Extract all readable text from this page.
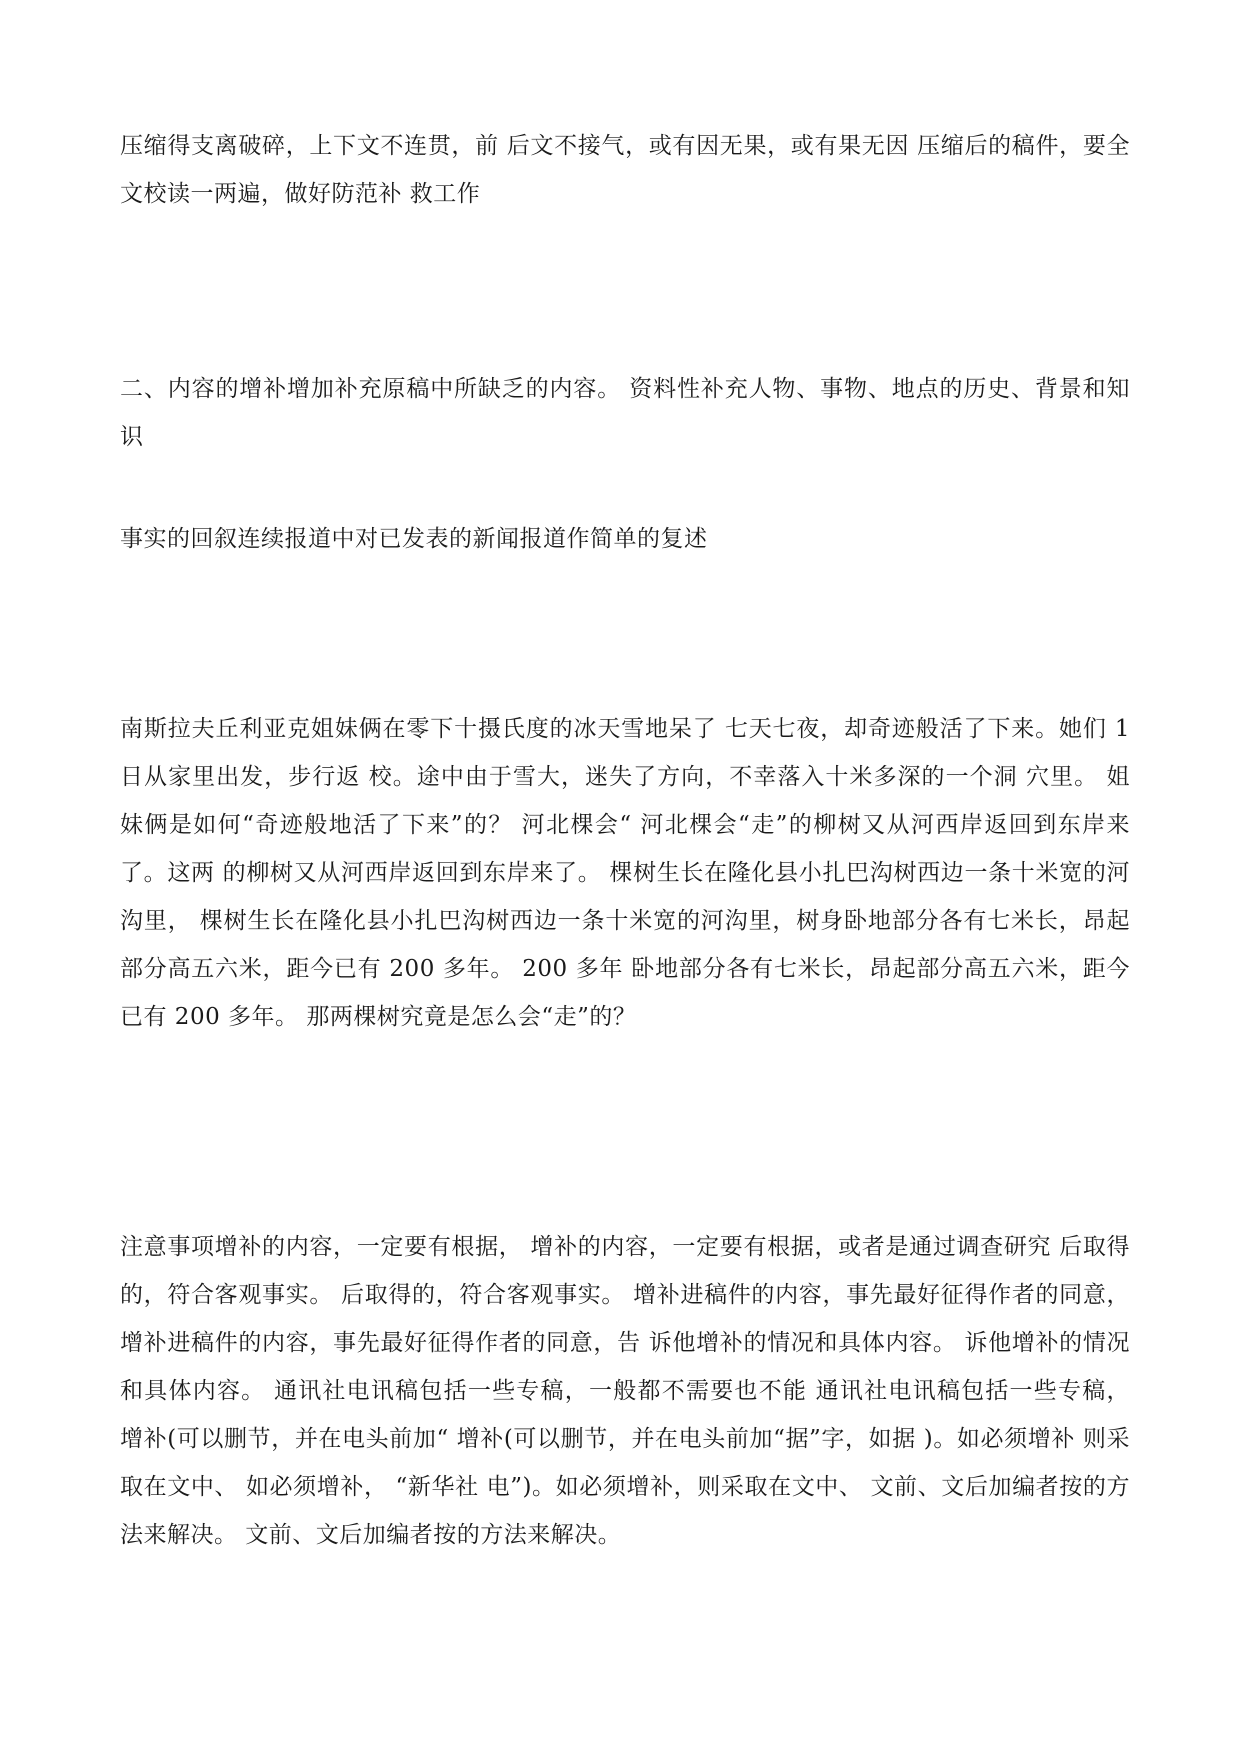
压缩得支离破碎，上下文不连贯，前 后文不接气，或有因无果，或有果无因 压缩后的稿件，要全文校读一两遍，做好防范补 救工作

二、内容的增补增加补充原稿中所缺乏的内容。 资料性补充人物、事物、地点的历史、背景和知识

事实的回叙连续报道中对已发表的新闻报道作简单的复述

南斯拉夫丘利亚克姐妹俩在零下十摄氏度的冰天雪地呆了 七天七夜，却奇迹般活了下来。她们 1 日从家里出发，步行返 校。途中由于雪大，迷失了方向，不幸落入十米多深的一个洞 穴里。 姐妹俩是如何“奇迹般地活了下来”的？ 河北棵会“ 河北棵会“走”的柳树又从河西岸返回到东岸来了。这两 的柳树又从河西岸返回到东岸来了。 棵树生长在隆化县小扎巴沟树西边一条十米宽的河沟里， 棵树生长在隆化县小扎巴沟树西边一条十米宽的河沟里，树身卧地部分各有七米长，昂起部分高五六米，距今已有 200 多年。 200 多年 卧地部分各有七米长，昂起部分高五六米，距今已有 200 多年。 那两棵树究竟是怎么会“走”的？

注意事项增补的内容，一定要有根据， 增补的内容，一定要有根据，或者是通过调查研究 后取得的，符合客观事实。 后取得的，符合客观事实。 增补进稿件的内容，事先最好征得作者的同意， 增补进稿件的内容，事先最好征得作者的同意，告 诉他增补的情况和具体内容。 诉他增补的情况和具体内容。 通讯社电讯稿包括一些专稿，一般都不需要也不能 通讯社电讯稿包括一些专稿， 增补(可以删节，并在电头前加“ 增补(可以删节，并在电头前加“据”字，如据 )。如必须增补 则采取在文中、 如必须增补， “新华社 电”)。如必须增补，则采取在文中、 文前、文后加编者按的方法来解决。 文前、文后加编者按的方法来解决。
